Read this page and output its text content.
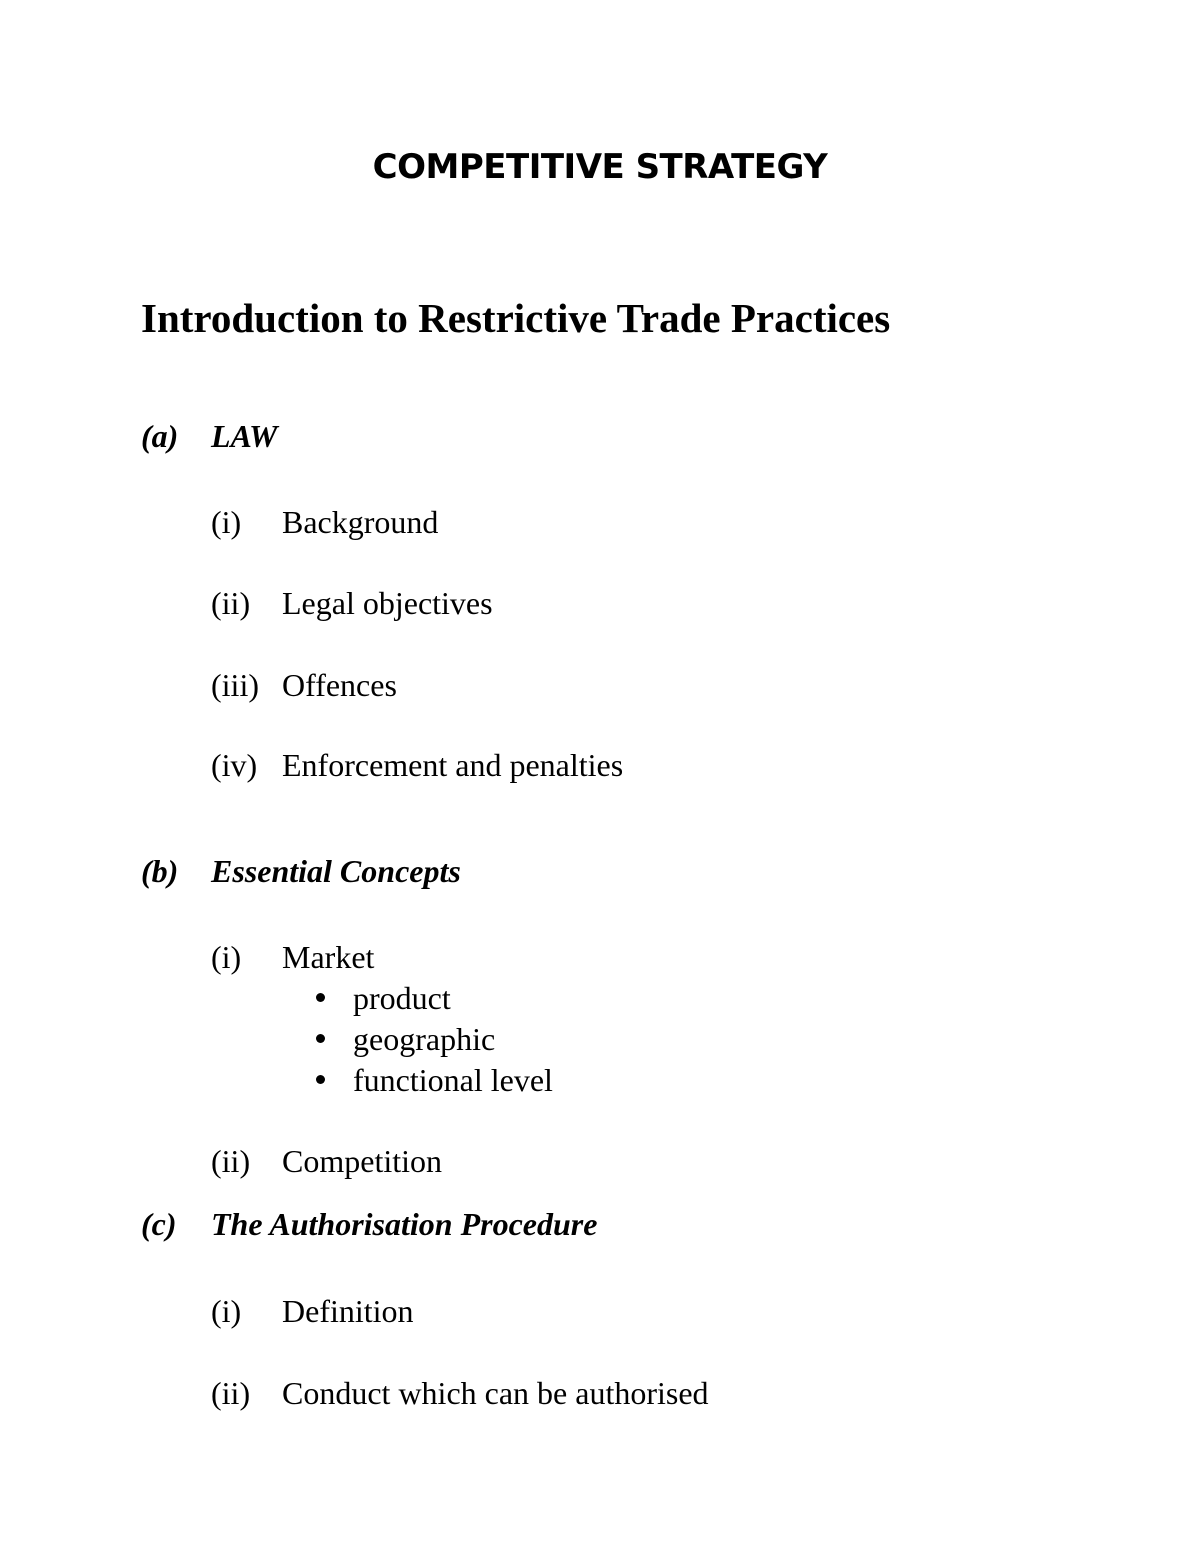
COMPETITIVE STRATEGY
Introduction to Restrictive Trade Practices
(a) LAW
(i) Background
(ii) Legal objectives
(iii) Offences
(iv) Enforcement and penalties
(b) Essential Concepts
(i) Market
product
geographic
functional level
(ii) Competition
(c) The Authorisation Procedure
(i) Definition
(ii) Conduct which can be authorised
